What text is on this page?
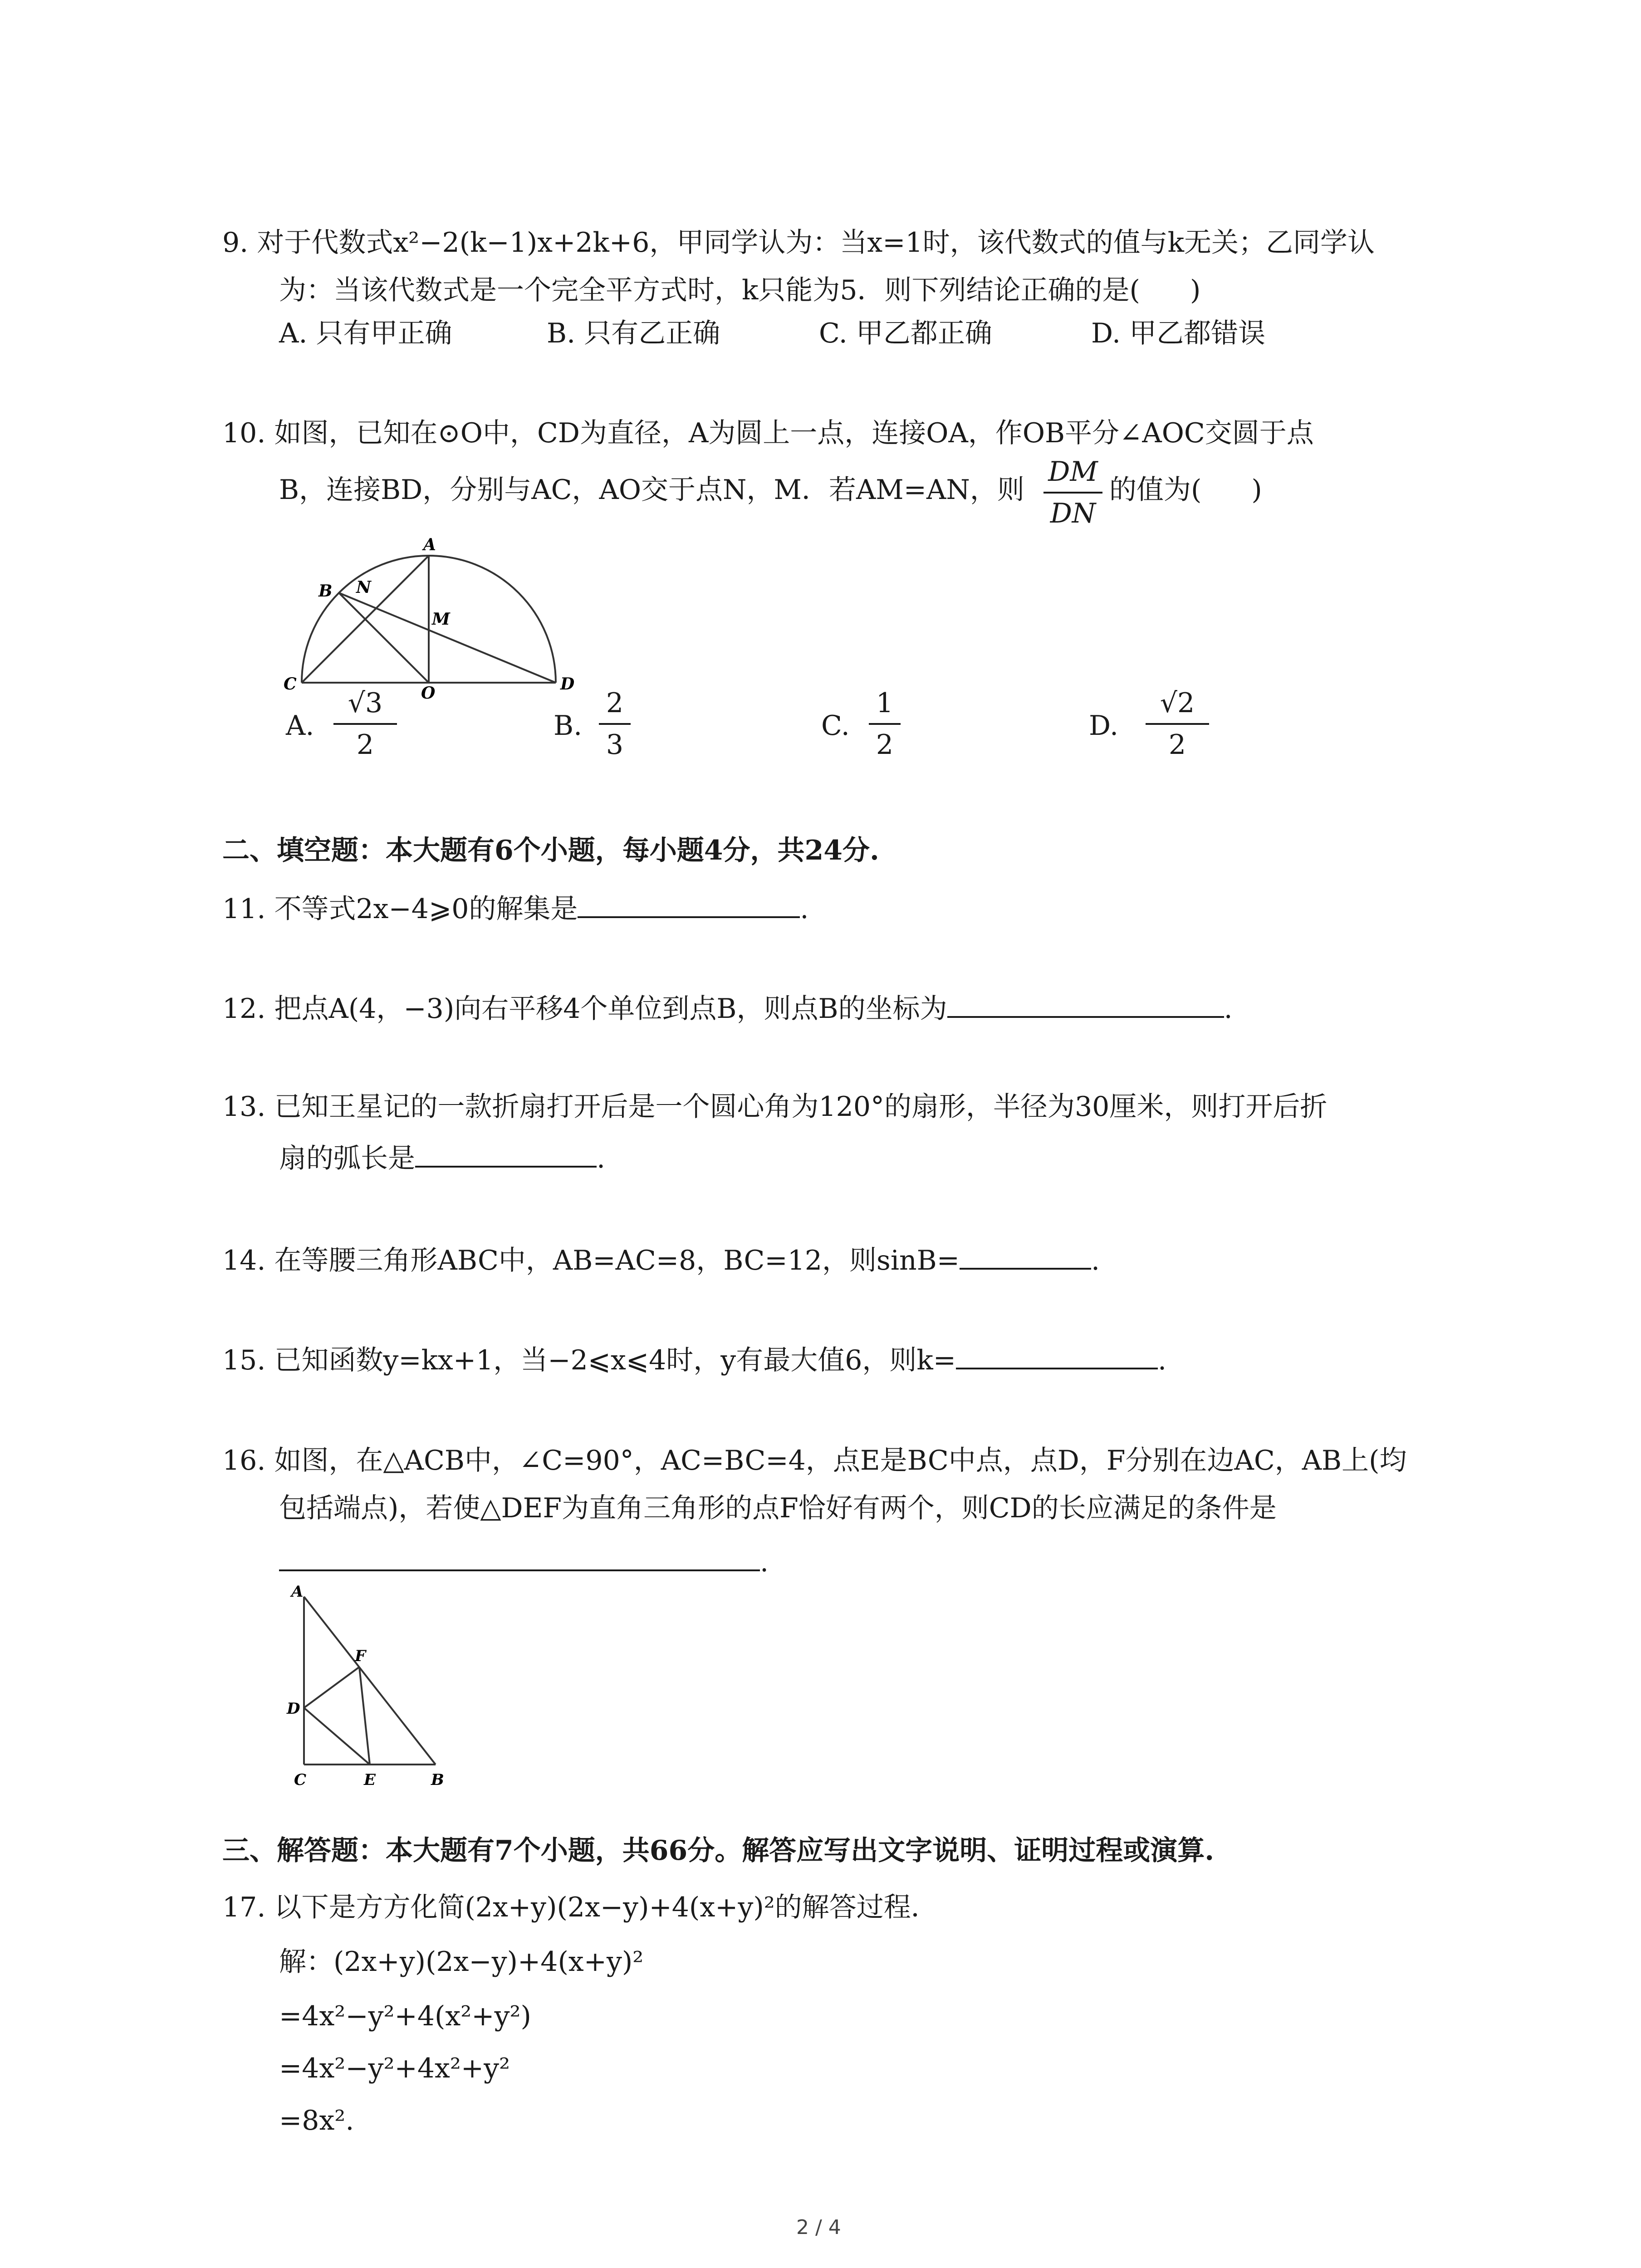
9. 对于代数式x²−2(k−1)x+2k+6，甲同学认为：当x=1时，该代数式的值与k无关；乙同学认
为：当该代数式是一个完全平方式时，k只能为5．则下列结论正确的是( )
A. 只有甲正确	B. 只有乙正确	C. 甲乙都正确	D. 甲乙都错误
10. 如图，已知在⊙O中，CD为直径，A为圆上一点，连接OA，作OB平分∠AOC交圆于点
B，连接BD，分别与AC，AO交于点N，M．若AM=AN，则
DM
DN
的值为( )
A
B N
M
C	O	D
A.
√3
2
B.
2
3
C.
1
2
D.
√2
2
二、填空题：本大题有6个小题，每小题4分，共24分.
11. 不等式2x−4⩾0的解集是	.
12. 把点A(4，−3)向右平移4个单位到点B，则点B的坐标为	.
13. 已知王星记的一款折扇打开后是一个圆心角为120°的扇形，半径为30厘米，则打开后折
扇的弧长是	.
14. 在等腰三角形ABC中，AB=AC=8，BC=12，则sinB=	.
15. 已知函数y=kx+1，当−2⩽x⩽4时，y有最大值6，则k=	.
16. 如图，在△ACB中，∠C=90°，AC=BC=4，点E是BC中点，点D，F分别在边AC，AB上(均
包括端点)，若使△DEF为直角三角形的点F恰好有两个，则CD的长应满足的条件是
.
A
F
D
C	E	B
三、解答题：本大题有7个小题，共66分。解答应写出文字说明、证明过程或演算.
17. 以下是方方化简(2x+y)(2x−y)+4(x+y)²的解答过程．
解：(2x+y)(2x−y)+4(x+y)²
=4x²−y²+4(x²+y²)
=4x²−y²+4x²+y²
=8x².
2 / 4
